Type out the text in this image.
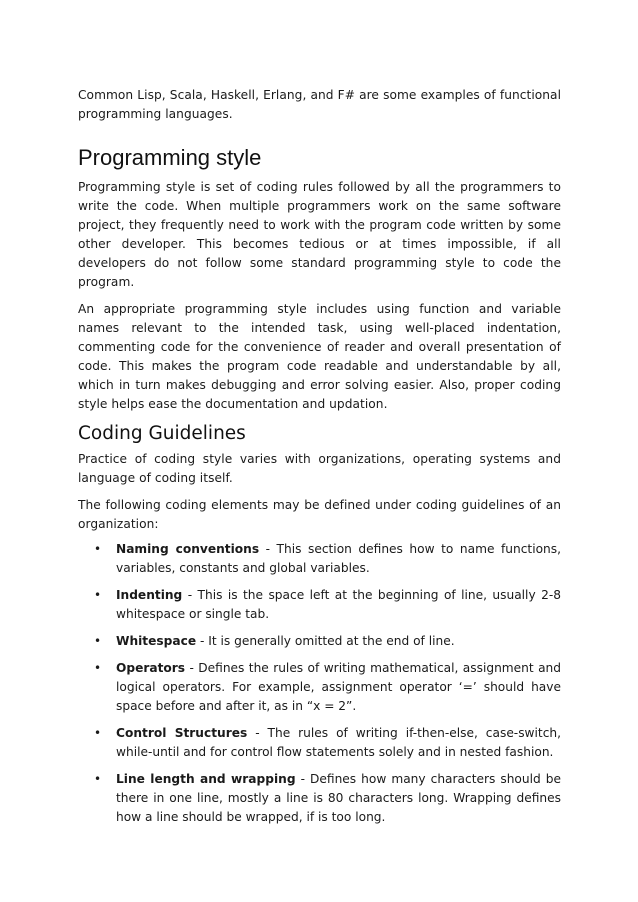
Common Lisp, Scala, Haskell, Erlang, and F# are some examples of functional programming languages.

Programming style

Programming style is set of coding rules followed by all the programmers to write the code. When multiple programmers work on the same software project, they frequently need to work with the program code written by some other developer. This becomes tedious or at times impossible, if all developers do not follow some standard programming style to code the program.

An appropriate programming style includes using function and variable names relevant to the intended task, using well-placed indentation, commenting code for the convenience of reader and overall presentation of code. This makes the program code readable and understandable by all, which in turn makes debugging and error solving easier. Also, proper coding style helps ease the documentation and updation.

Coding Guidelines

Practice of coding style varies with organizations, operating systems and language of coding itself.

The following coding elements may be defined under coding guidelines of an organization:

• Naming conventions - This section defines how to name functions, variables, constants and global variables.
• Indenting - This is the space left at the beginning of line, usually 2-8 whitespace or single tab.
• Whitespace - It is generally omitted at the end of line.
• Operators - Defines the rules of writing mathematical, assignment and logical operators. For example, assignment operator ‘=’ should have space before and after it, as in “x = 2”.
• Control Structures - The rules of writing if-then-else, case-switch, while-until and for control flow statements solely and in nested fashion.
• Line length and wrapping - Defines how many characters should be there in one line, mostly a line is 80 characters long. Wrapping defines how a line should be wrapped, if is too long.
